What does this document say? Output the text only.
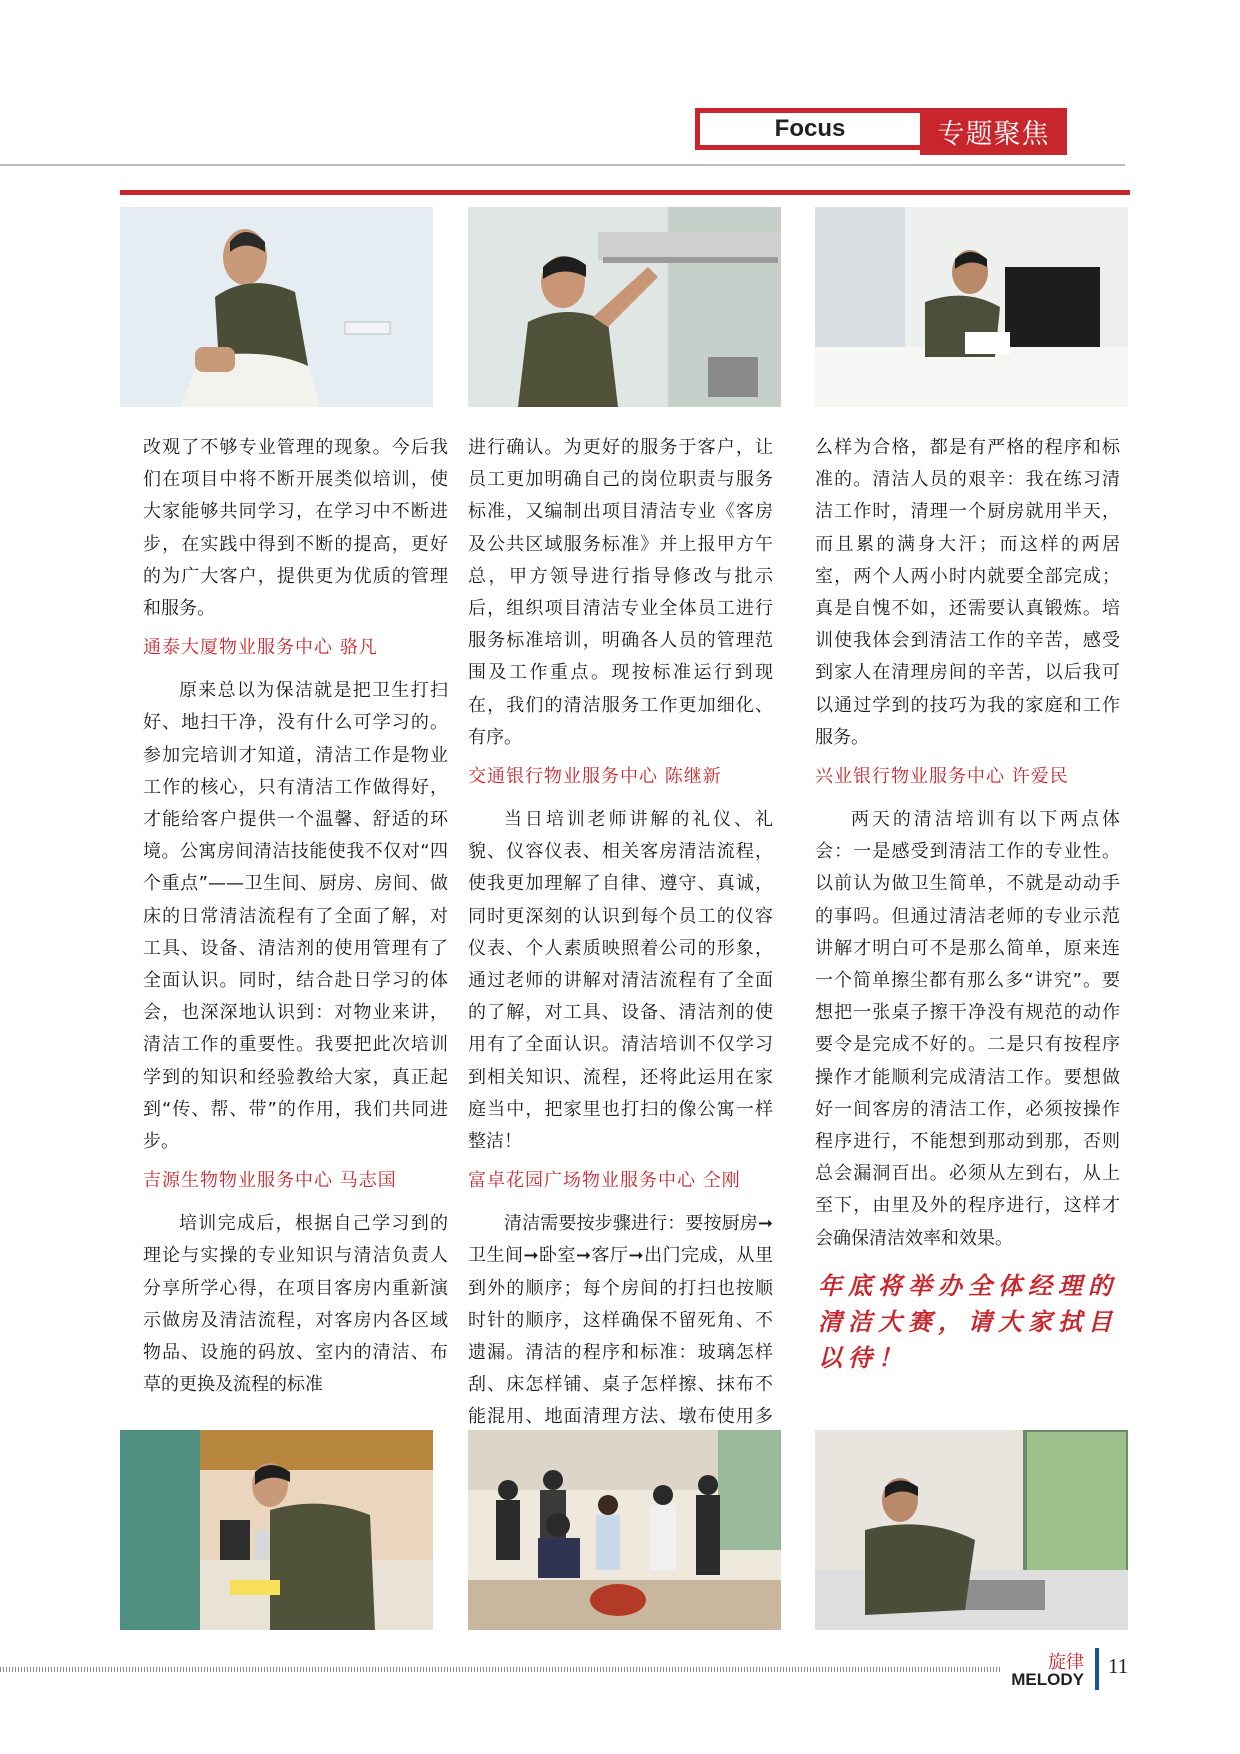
Focus	专题聚焦

改观了不够专业管理的现象。今后我们在项目中将不断开展类似培训，使大家能够共同学习，在学习中不断进步，在实践中得到不断的提高，更好的为广大客户，提供更为优质的管理和服务。

通泰大厦物业服务中心 骆凡

原来总以为保洁就是把卫生打扫好、地扫干净，没有什么可学习的。参加完培训才知道，清洁工作是物业工作的核心，只有清洁工作做得好，才能给客户提供一个温馨、舒适的环境。公寓房间清洁技能使我不仅对“四个重点”——卫生间、厨房、房间、做床的日常清洁流程有了全面了解，对工具、设备、清洁剂的使用管理有了全面认识。同时，结合赴日学习的体会，也深深地认识到：对物业来讲，清洁工作的重要性。我要把此次培训学到的知识和经验教给大家，真正起到“传、帮、带”的作用，我们共同进步。

吉源生物物业服务中心 马志国

培训完成后，根据自己学习到的理论与实操的专业知识与清洁负责人分享所学心得，在项目客房内重新演示做房及清洁流程，对客房内各区域物品、设施的码放、室内的清洁、布草的更换及流程的标准

进行确认。为更好的服务于客户，让员工更加明确自己的岗位职责与服务标准，又编制出项目清洁专业《客房及公共区域服务标准》并上报甲方午总，甲方领导进行指导修改与批示后，组织项目清洁专业全体员工进行服务标准培训，明确各人员的管理范围及工作重点。现按标准运行到现在，我们的清洁服务工作更加细化、有序。

交通银行物业服务中心 陈继新

当日培训老师讲解的礼仪、礼貌、仪容仪表、相关客房清洁流程，使我更加理解了自律、遵守、真诚，同时更深刻的认识到每个员工的仪容仪表、个人素质映照着公司的形象，通过老师的讲解对清洁流程有了全面的了解，对工具、设备、清洁剂的使用有了全面认识。清洁培训不仅学习到相关知识、流程，还将此运用在家庭当中，把家里也打扫的像公寓一样整洁！

富卓花园广场物业服务中心 仝刚

清洁需要按步骤进行：要按厨房➞卫生间➞卧室➞客厅➞出门完成，从里到外的顺序；每个房间的打扫也按顺时针的顺序，这样确保不留死角、不遗漏。清洁的程序和标准：玻璃怎样刮、床怎样铺、桌子怎样擦、抹布不能混用、地面清理方法、墩布使用多

么样为合格，都是有严格的程序和标准的。清洁人员的艰辛：我在练习清洁工作时，清理一个厨房就用半天，而且累的满身大汗；而这样的两居室，两个人两小时内就要全部完成；真是自愧不如，还需要认真锻炼。培训使我体会到清洁工作的辛苦，感受到家人在清理房间的辛苦，以后我可以通过学到的技巧为我的家庭和工作服务。

兴业银行物业服务中心 许爱民

两天的清洁培训有以下两点体会：一是感受到清洁工作的专业性。以前认为做卫生简单，不就是动动手的事吗。但通过清洁老师的专业示范讲解才明白可不是那么简单，原来连一个简单擦尘都有那么多“讲究”。要想把一张桌子擦干净没有规范的动作要令是完成不好的。二是只有按程序操作才能顺利完成清洁工作。要想做好一间客房的清洁工作，必须按操作程序进行，不能想到那动到那，否则总会漏洞百出。必须从左到右，从上至下，由里及外的程序进行，这样才会确保清洁效率和效果。

年底将举办全体经理的清洁大赛，请大家拭目以待！
旋律
MELODY
11
